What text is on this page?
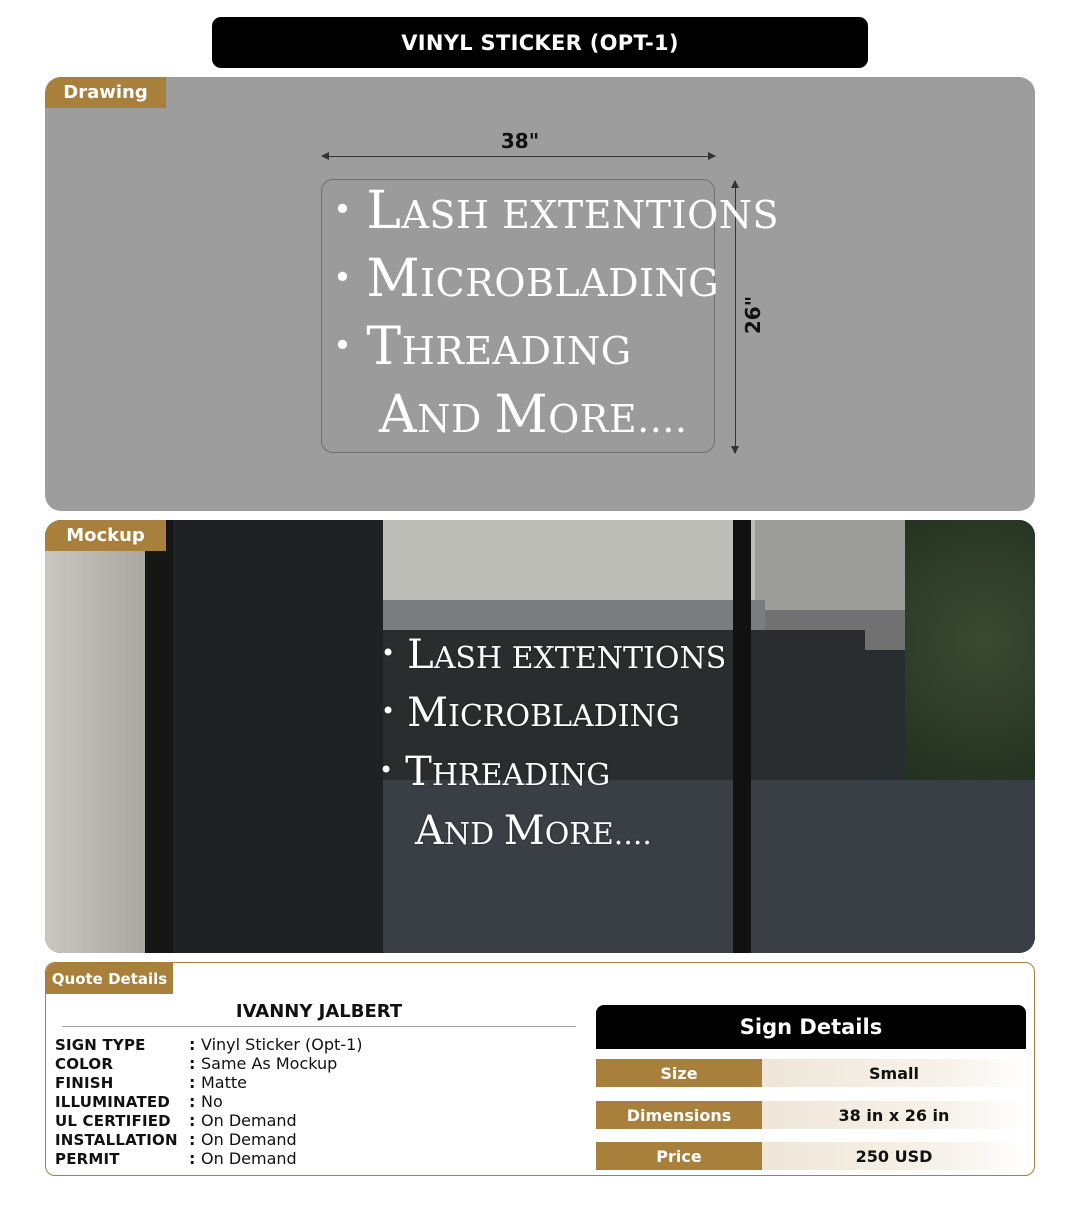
VINYL STICKER (OPT-1)
Drawing
38"
26"
• LASH EXTENTIONS
• MICROBLADING
• THREADING
AND MORE....
Mockup
• LASH EXTENTIONS
• MICROBLADING
• THREADING
AND MORE....
Quote Details
IVANNY JALBERT
SIGN TYPE	: Vinyl Sticker (Opt-1)
COLOR	: Same As Mockup
FINISH	: Matte
ILLUMINATED	: No
UL CERTIFIED	: On Demand
INSTALLATION : On Demand
PERMIT	: On Demand
Sign Details
Size	Small
Dimensions	38 in x 26 in
Price	250 USD
